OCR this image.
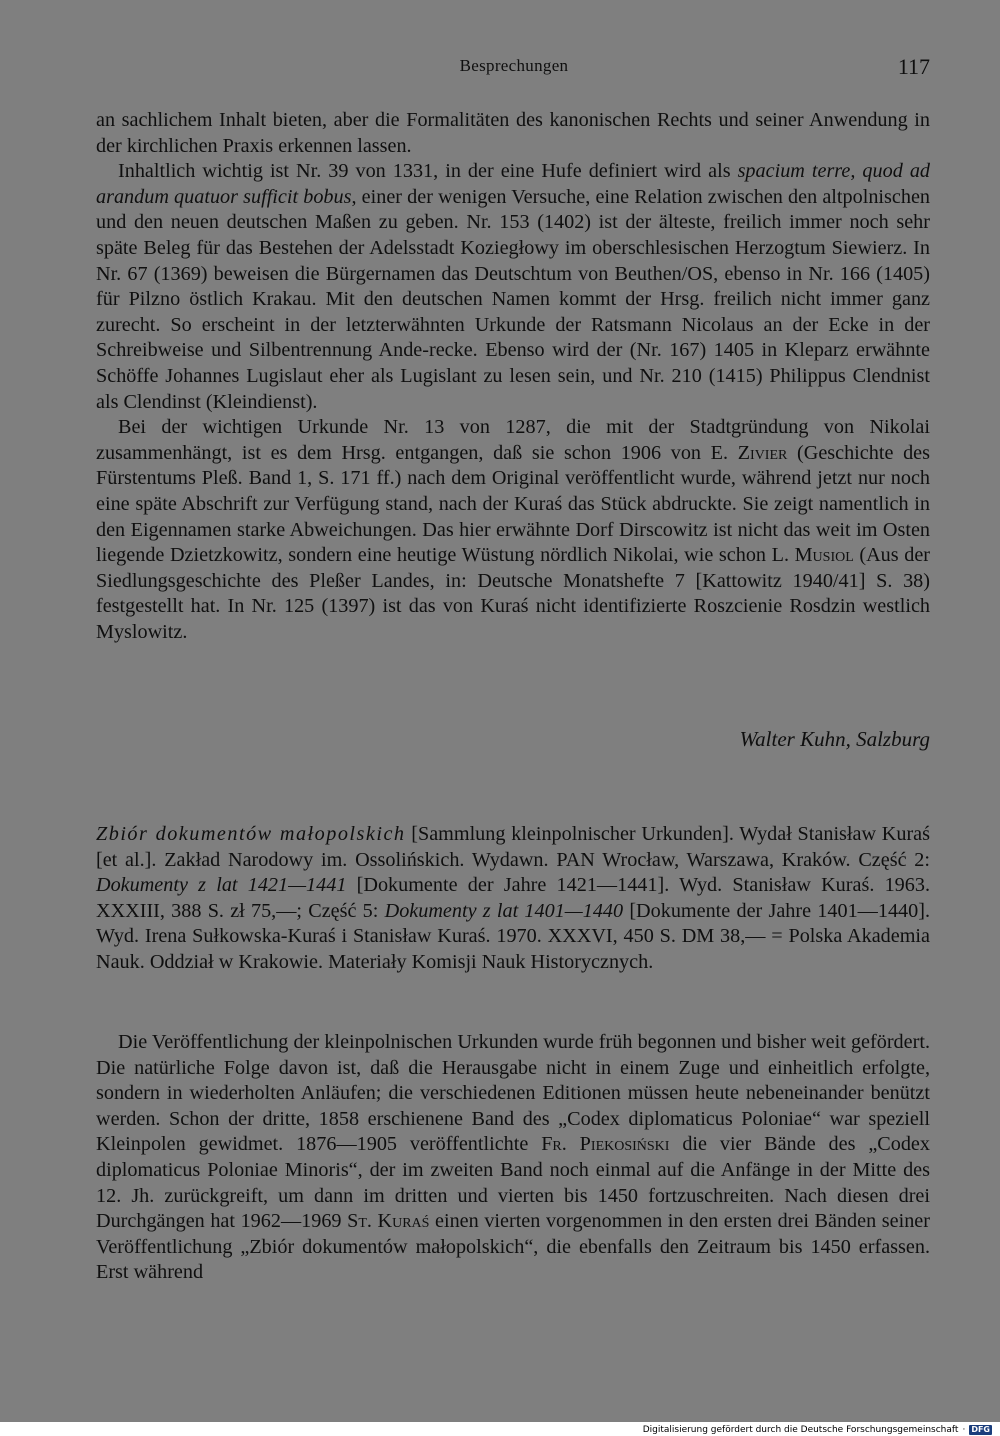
Besprechungen	117

an sachlichem Inhalt bieten, aber die Formalitäten des kanonischen Rechts und seiner Anwendung in der kirchlichen Praxis erkennen lassen.

Inhaltlich wichtig ist Nr. 39 von 1331, in der eine Hufe definiert wird als spacium terre, quod ad arandum quatuor sufficit bobus, einer der wenigen Versuche, eine Relation zwischen den altpolnischen und den neuen deutschen Maßen zu geben. Nr. 153 (1402) ist der älteste, freilich immer noch sehr späte Beleg für das Bestehen der Adelsstadt Koziegłowy im oberschlesischen Herzogtum Siewierz. In Nr. 67 (1369) beweisen die Bürgernamen das Deutschtum von Beuthen/OS, ebenso in Nr. 166 (1405) für Pilzno östlich Krakau. Mit den deutschen Namen kommt der Hrsg. freilich nicht immer ganz zurecht. So erscheint in der letzterwähnten Urkunde der Ratsmann Nicolaus an der Ecke in der Schreibweise und Silbentrennung Ande-recke. Ebenso wird der (Nr. 167) 1405 in Kleparz erwähnte Schöffe Johannes Lugislaut eher als Lugislant zu lesen sein, und Nr. 210 (1415) Philippus Clendnist als Clendinst (Kleindienst).

Bei der wichtigen Urkunde Nr. 13 von 1287, die mit der Stadtgründung von Nikolai zusammenhängt, ist es dem Hrsg. entgangen, daß sie schon 1906 von E. Zivier (Geschichte des Fürstentums Pleß. Band 1, S. 171 ff.) nach dem Original veröffentlicht wurde, während jetzt nur noch eine späte Abschrift zur Verfügung stand, nach der Kuraś das Stück abdruckte. Sie zeigt namentlich in den Eigennamen starke Abweichungen. Das hier erwähnte Dorf Dirscowitz ist nicht das weit im Osten liegende Dzietzkowitz, sondern eine heutige Wüstung nördlich Nikolai, wie schon L. Musiol (Aus der Siedlungsgeschichte des Pleßer Landes, in: Deutsche Monatshefte 7 [Kattowitz 1940/41] S. 38) festgestellt hat. In Nr. 125 (1397) ist das von Kuraś nicht identifizierte Roszcienie Rosdzin westlich Myslowitz.

Walter Kuhn, Salzburg

Zbiór dokumentów małopolskich [Sammlung kleinpolnischer Urkunden]. Wydał Stanisław Kuraś [et al.]. Zakład Narodowy im. Ossolińskich. Wydawn. PAN Wrocław, Warszawa, Kraków. Część 2: Dokumenty z lat 1421—1441 [Dokumente der Jahre 1421—1441]. Wyd. Stanisław Kuraś. 1963. XXXIII, 388 S. zł 75,—; Część 5: Dokumenty z lat 1401—1440 [Dokumente der Jahre 1401—1440]. Wyd. Irena Sułkowska-Kuraś i Stanisław Kuraś. 1970. XXXVI, 450 S. DM 38,— = Polska Akademia Nauk. Oddział w Krakowie. Materiały Komisji Nauk Historycznych.

Die Veröffentlichung der kleinpolnischen Urkunden wurde früh begonnen und bisher weit gefördert. Die natürliche Folge davon ist, daß die Herausgabe nicht in einem Zuge und einheitlich erfolgte, sondern in wiederholten Anläufen; die verschiedenen Editionen müssen heute nebeneinander benützt werden. Schon der dritte, 1858 erschienene Band des „Codex diplomaticus Poloniae“ war speziell Kleinpolen gewidmet. 1876—1905 veröffentlichte Fr. Piekosiński die vier Bände des „Codex diplomaticus Poloniae Minoris“, der im zweiten Band noch einmal auf die Anfänge in der Mitte des 12. Jh. zurückgreift, um dann im dritten und vierten bis 1450 fortzuschreiten. Nach diesen drei Durchgängen hat 1962—1969 St. Kuraś einen vierten vorgenommen in den ersten drei Bänden seiner Veröffentlichung „Zbiór dokumentów małopolskich“, die ebenfalls den Zeitraum bis 1450 erfassen. Erst während

Digitalisierung gefördert durch die Deutsche Forschungsgemeinschaft · DFG
